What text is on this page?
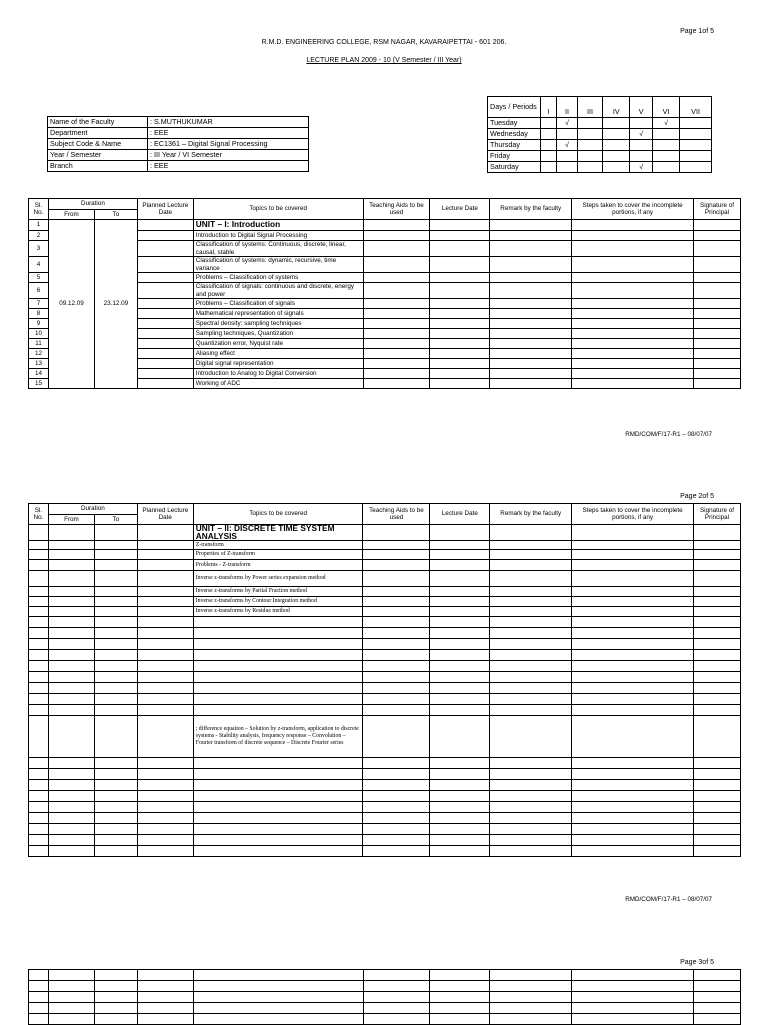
Page 1of 5
R.M.D. ENGINEERING COLLEGE, RSM NAGAR, KAVARAIPETTAI - 601 206.
LECTURE PLAN 2009 - 10 (V Semester / III Year)
Name of the Faculty	: S.MUTHUKUMAR
Department	: EEE
Subject Code & Name	: EC1361 – Digital Signal Processing
Year / Semester	: III Year / VI Semester
Branch	: EEE
Days / Periods	I	II	III	IV	V	VI	VII
Tuesday		√				√	
Wednesday					√		
Thursday		√					
Friday							
Saturday					√		
Sl. No.	Duration		Planned Lecture Date	Topics to be covered	Teaching Aids to be used	Lecture Date	Remark by the faculty	Steps taken to cover the incomplete portions, if any	Signature of Principal
	From	To							
1	09.12.09	23.12.09		UNIT – I: Introduction					
2				Introduction to Digital Signal Processing					
3				Classification of systems: Continuous, discrete, linear, causal, stable					
4				Classification of systems: dynamic, recursive, time variance					
5				Problems – Classification of systems					
6				Classification of signals: continuous and discrete, energy and power					
7				Problems – Classification of signals					
8				Mathematical representation of signals					
9				Spectral density: sampling techniques					
10				Sampling techniques, Quantization					
11				Quantization error, Nyquist rate					
12				Aliasing effect					
13				Digital signal representation					
14				Introduction to Analog to Digital Conversion					
15				Working of ADC					
RMD/COM/F/17-R1 – 08/07/07
Page 2of 5
Sl. No.	Duration		Planned Lecture Date	Topics to be covered	Teaching Aids to be used	Lecture Date	Remark by the faculty	Steps taken to cover the incomplete portions, if any	Signature of Principal
	From	To							
				UNIT – II: DISCRETE TIME SYSTEM ANALYSIS					
				Z-transform					
				Properties of Z-transform					
				Problems - Z-transform					
				Inverse z-transforms by Power series expansion method					
				Inverse z-transforms by Partial Fraction method					
				Inverse z-transforms by Contour Integration method					
				Inverse z-transforms by Residue method					

				; difference equation – Solution by z-transform, application to discrete systems - Stability analysis, frequency response – Convolution – Fourier transform of discrete sequence – Discrete Fourier series					

RMD/COM/F/17-R1 – 08/07/07
Page 3of 5
